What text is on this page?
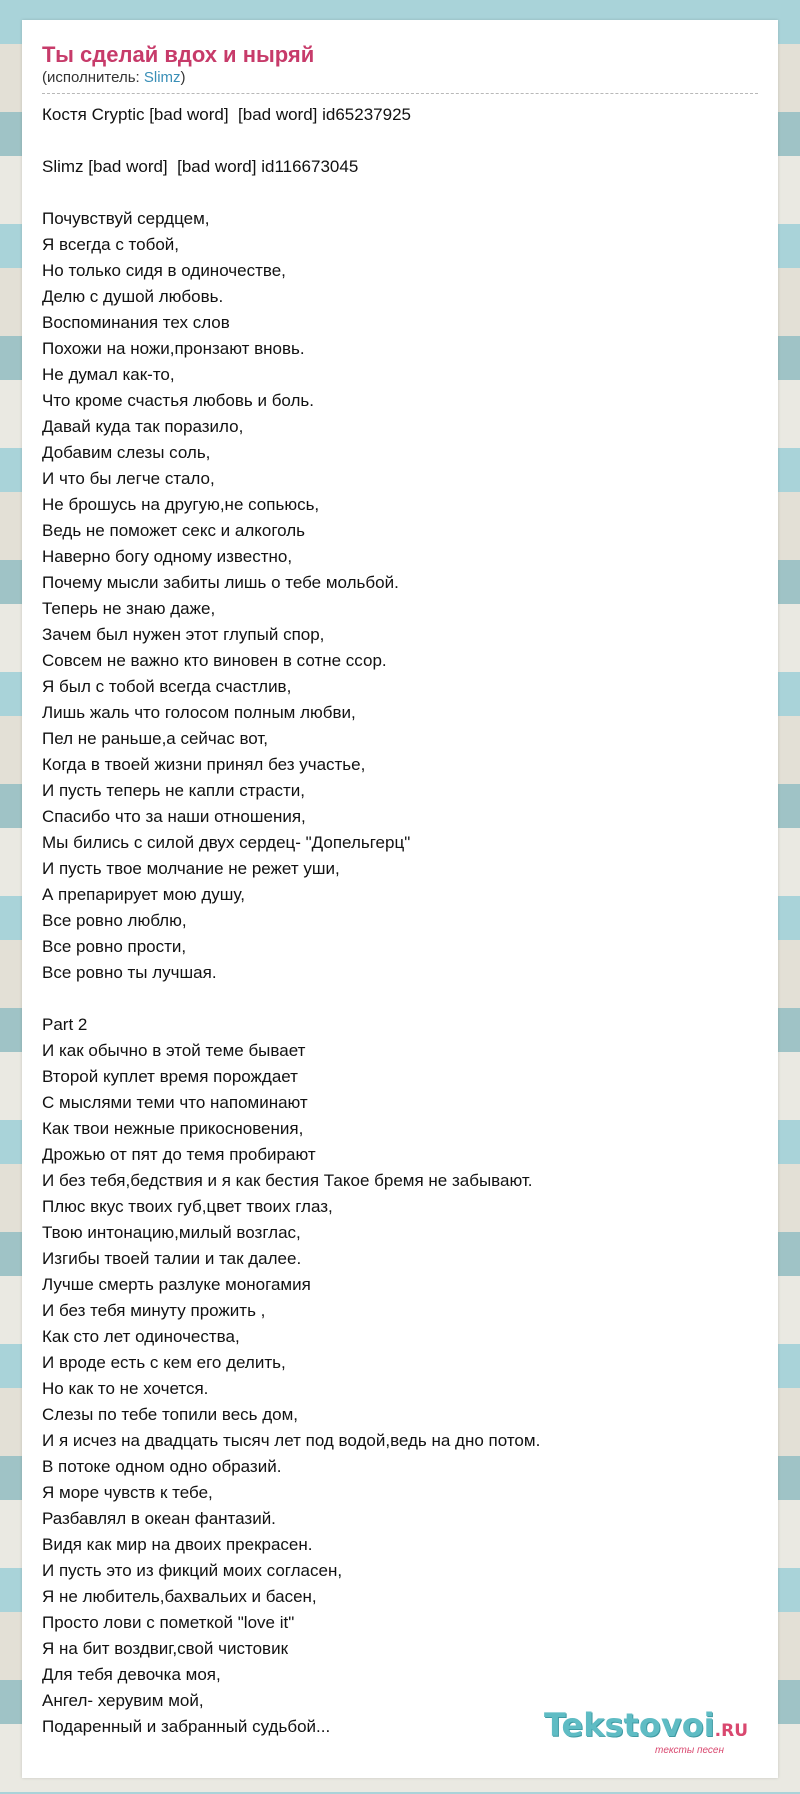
Ты сделай вдох и ныряй
(исполнитель: Slimz)
Костя Cryptic [bad word]  [bad word] id65237925
Slimz [bad word]  [bad word] id116673045
Почувствуй сердцем,
Я всегда с тобой,
Но только сидя в одиночестве,
Делю с душой любовь.
Воспоминания тех слов
Похожи на ножи,пронзают вновь.
Не думал как-то,
Что кроме счастья любовь и боль.
Давай куда так поразило,
Добавим слезы соль,
И что бы легче стало,
Не брошусь на другую,не сопьюсь,
Ведь не поможет секс и алкоголь
Наверно богу одному известно,
Почему мысли забиты лишь о тебе мольбой.
Теперь не знаю даже,
Зачем был нужен этот глупый спор,
Совсем не важно кто виновен в сотне ссор.
Я был с тобой всегда счастлив,
Лишь жаль что голосом полным любви,
Пел не раньше,а сейчас вот,
Когда в твоей жизни принял без участье,
И пусть теперь не капли страсти,
Спасибо что за наши отношения,
Мы бились с силой двух сердец- "Допельгерц"
И пусть твое молчание не режет уши,
А препарирует мою душу,
Все ровно люблю,
Все ровно прости,
Все ровно ты лучшая.
Part 2
И как обычно в этой теме бывает
Второй куплет время порождает
С мыслями теми что напоминают
Как твои нежные прикосновения,
Дрожью от пят до темя пробирают
И без тебя,бедствия и я как бестия Такое бремя не забывают.
Плюс вкус твоих губ,цвет твоих глаз,
Твою интонацию,милый возглас,
Изгибы твоей талии и так далее.
Лучше смерть разлуке моногамия
И без тебя минуту прожить ,
Как сто лет одиночества,
И вроде есть с кем его делить,
Но как то не хочется.
Слезы по тебе топили весь дом,
И я исчез на двадцать тысяч лет под водой,ведь на дно потом.
В потоке одном одно образий.
Я море чувств к тебе,
Разбавлял в океан фантазий.
Видя как мир на двоих прекрасен.
И пусть это из фикций моих согласен,
Я не любитель,бахвальих и басен,
Просто лови с пометкой "love it"
Я на бит воздвиг,свой чистовик
Для тебя девочка моя,
Ангел- херувим мой,
Подаренный и забранный судьбой...	Tekstovoi.RU
тексты песен
